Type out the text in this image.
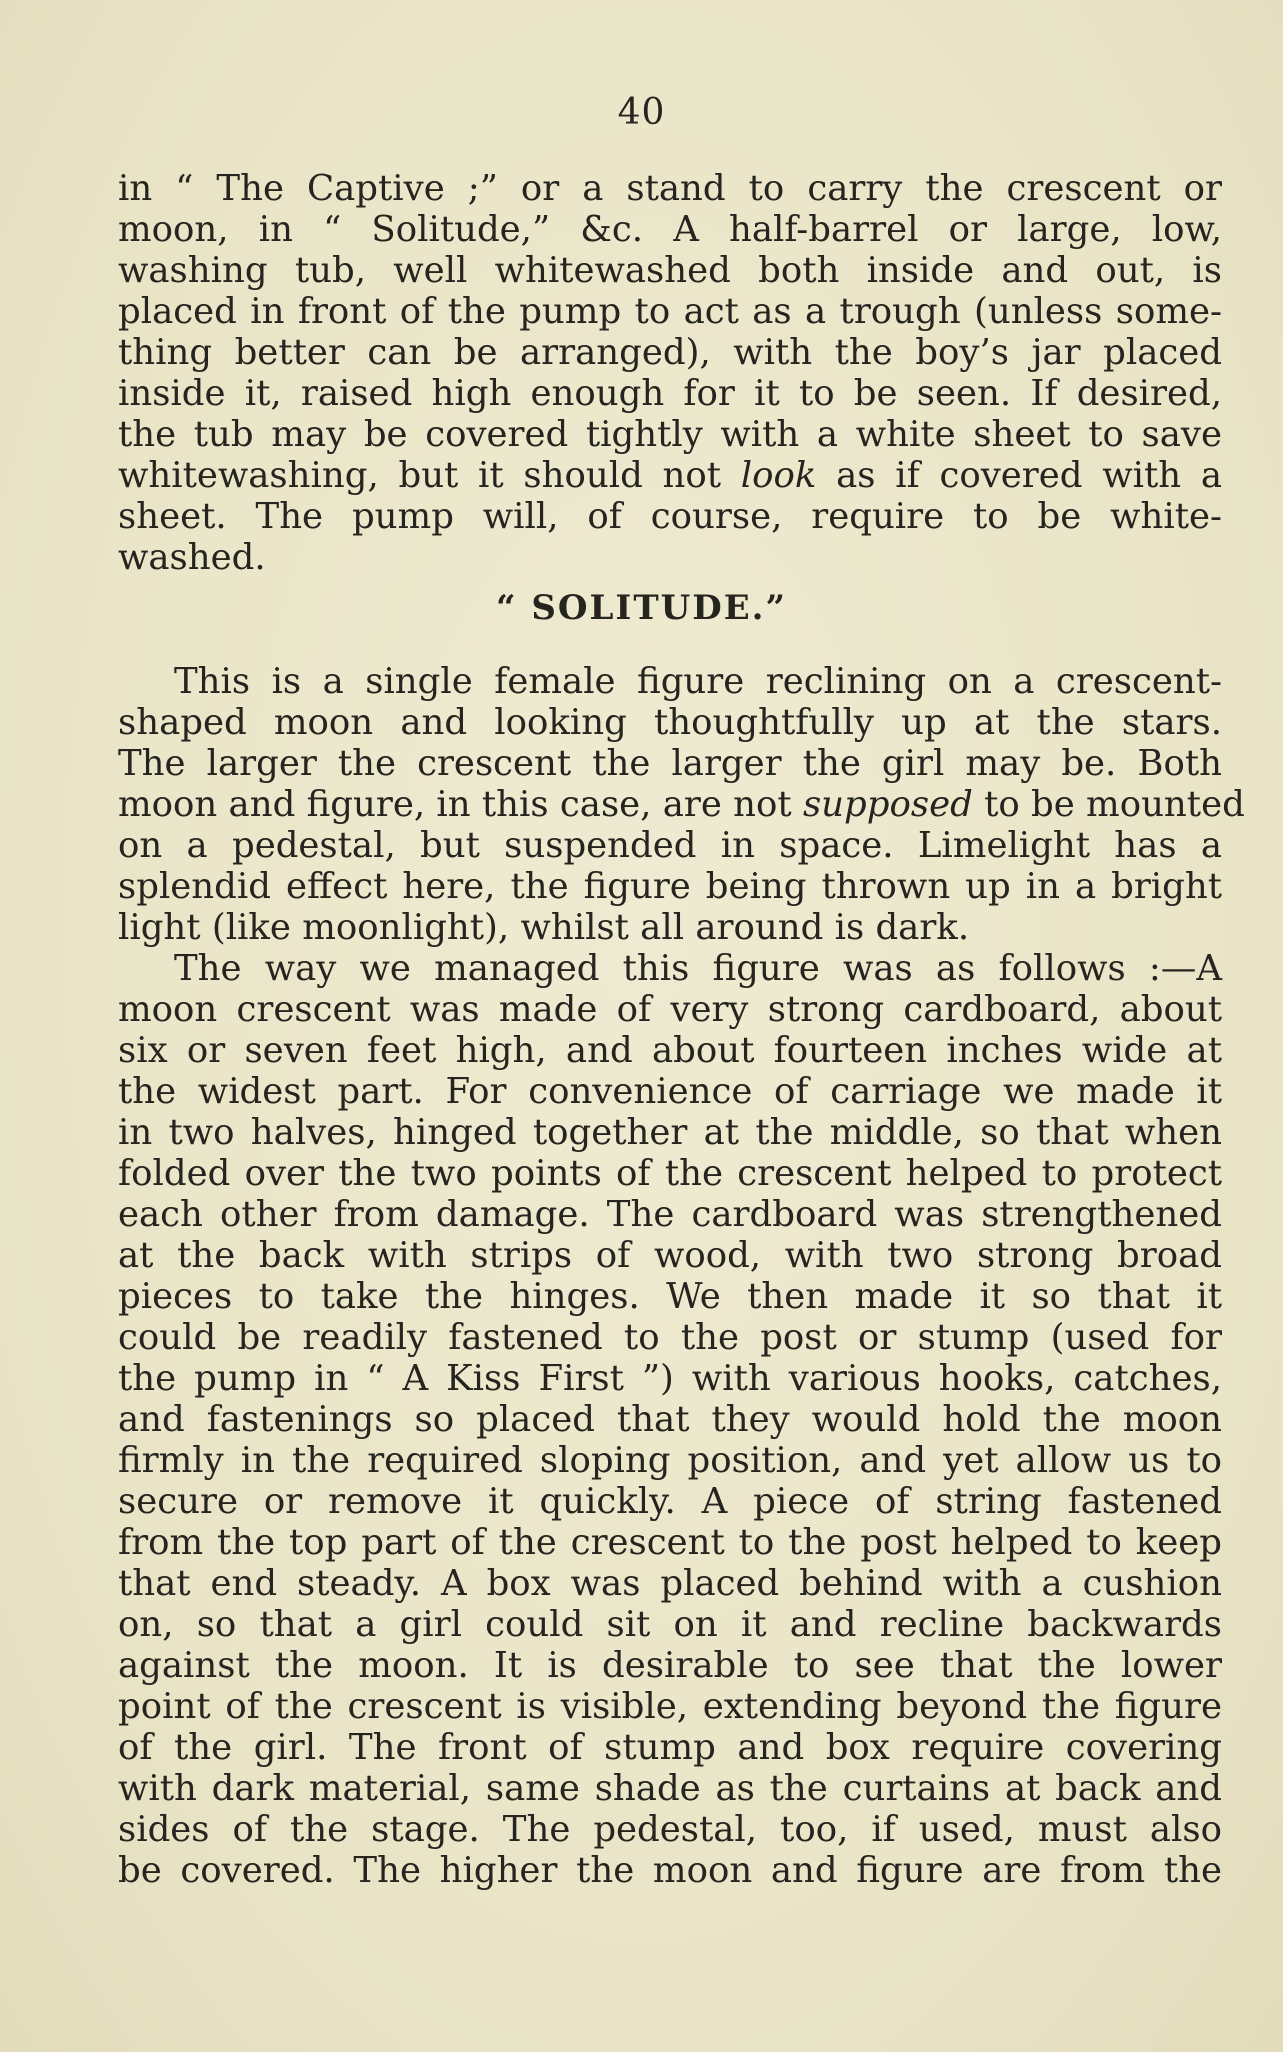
40
in “ The Captive ;” or a stand to carry the crescent or
moon, in “ Solitude,” &c. A half-barrel or large, low,
washing tub, well whitewashed both inside and out, is
placed in front of the pump to act as a trough (unless some-
thing better can be arranged), with the boy’s jar placed
inside it, raised high enough for it to be seen. If desired,
the tub may be covered tightly with a white sheet to save
whitewashing, but it should not look as if covered with a
sheet. The pump will, of course, require to be white-
washed.
“ SOLITUDE.”
This is a single female figure reclining on a crescent-
shaped moon and looking thoughtfully up at the stars.
The larger the crescent the larger the girl may be. Both
moon and figure, in this case, are not supposed to be mounted
on a pedestal, but suspended in space. Limelight has a
splendid effect here, the figure being thrown up in a bright
light (like moonlight), whilst all around is dark.
The way we managed this figure was as follows :—A
moon crescent was made of very strong cardboard, about
six or seven feet high, and about fourteen inches wide at
the widest part. For convenience of carriage we made it
in two halves, hinged together at the middle, so that when
folded over the two points of the crescent helped to protect
each other from damage. The cardboard was strengthened
at the back with strips of wood, with two strong broad
pieces to take the hinges. We then made it so that it
could be readily fastened to the post or stump (used for
the pump in “ A Kiss First ”) with various hooks, catches,
and fastenings so placed that they would hold the moon
firmly in the required sloping position, and yet allow us to
secure or remove it quickly. A piece of string fastened
from the top part of the crescent to the post helped to keep
that end steady. A box was placed behind with a cushion
on, so that a girl could sit on it and recline backwards
against the moon. It is desirable to see that the lower
point of the crescent is visible, extending beyond the figure
of the girl. The front of stump and box require covering
with dark material, same shade as the curtains at back and
sides of the stage. The pedestal, too, if used, must also
be covered. The higher the moon and figure are from the
